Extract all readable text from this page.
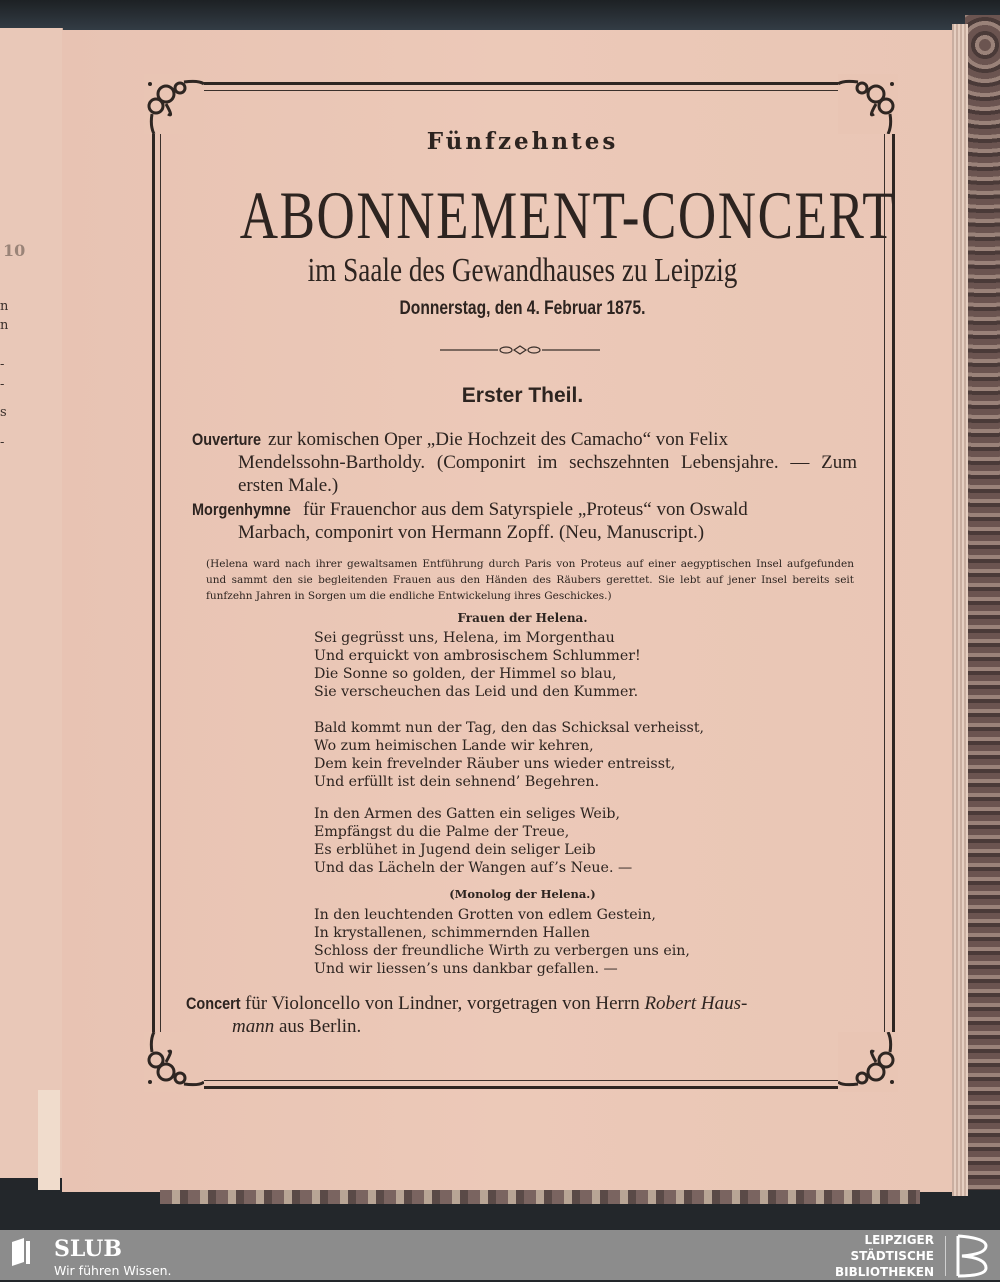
10
n
n
-
-
s
-
Fünfzehntes
ABONNEMENT-CONCERT
im Saale des Gewandhauses zu Leipzig
Donnerstag, den 4. Februar 1875.
Erster Theil.
Ouverture zur komischen Oper „Die Hochzeit des Camacho“ von Felix
Mendelssohn-Bartholdy. (Componirt im sechszehnten Lebensjahre. — Zum ersten Male.)
Morgenhymne für Frauenchor aus dem Satyrspiele „Proteus“ von Oswald
Marbach, componirt von Hermann Zopff. (Neu, Manuscript.)
(Helena ward nach ihrer gewaltsamen Entführung durch Paris von Proteus auf einer aegyptischen Insel aufgefunden und sammt den sie begleitenden Frauen aus den Händen des Räubers gerettet. Sie lebt auf jener Insel bereits seit funfzehn Jahren in Sorgen um die endliche Entwickelung ihres Geschickes.)
Frauen der Helena.
Sei gegrüsst uns, Helena, im Morgenthau
Und erquickt von ambrosischem Schlummer!
Die Sonne so golden, der Himmel so blau,
Sie verscheuchen das Leid und den Kummer.
Bald kommt nun der Tag, den das Schicksal verheisst,
Wo zum heimischen Lande wir kehren,
Dem kein frevelnder Räuber uns wieder entreisst,
Und erfüllt ist dein sehnend’ Begehren.
In den Armen des Gatten ein seliges Weib,
Empfängst du die Palme der Treue,
Es erblühet in Jugend dein seliger Leib
Und das Lächeln der Wangen auf’s Neue. —
(Monolog der Helena.)
In den leuchtenden Grotten von edlem Gestein,
In krystallenen, schimmernden Hallen
Schloss der freundliche Wirth zu verbergen uns ein,
Und wir liessen’s uns dankbar gefallen. —
Concert für Violoncello von Lindner, vorgetragen von Herrn Robert Haus-
mann aus Berlin.
SLUB
Wir führen Wissen.
LEIPZIGER
STÄDTISCHE
BIBLIOTHEKEN
